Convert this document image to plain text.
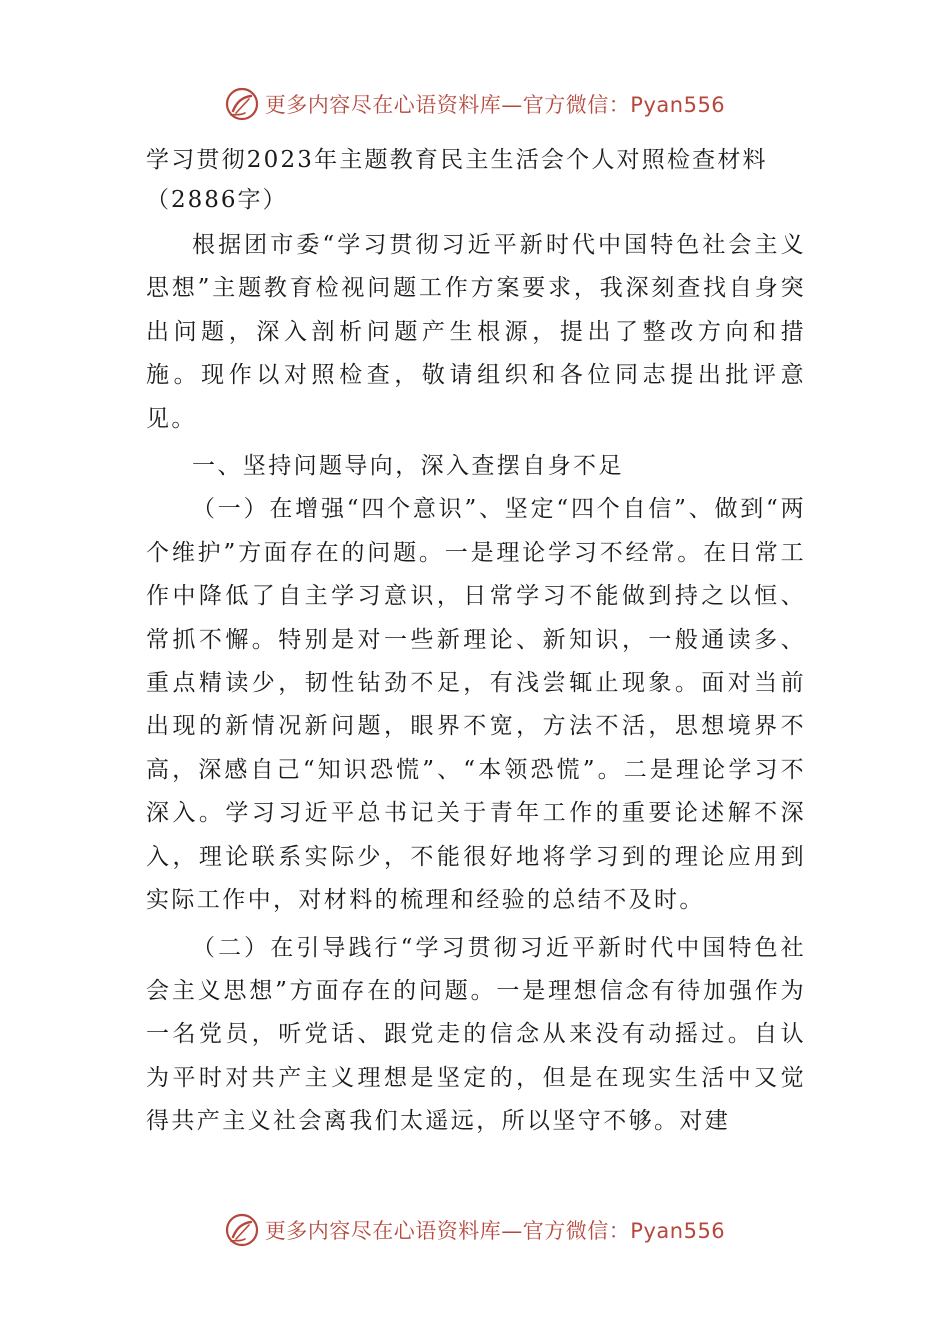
更多内容尽在心语资料库—官方微信：Pyan556

学习贯彻2023年主题教育民主生活会个人对照检查材料

（2886字）

根据团市委“学习贯彻习近平新时代中国特色社会主义思想”主题教育检视问题工作方案要求，我深刻查找自身突出问题，深入剖析问题产生根源，提出了整改方向和措施。现作以对照检查，敬请组织和各位同志提出批评意见。

一、坚持问题导向，深入查摆自身不足

（一）在增强“四个意识”、坚定“四个自信”、做到“两个维护”方面存在的问题。一是理论学习不经常。在日常工作中降低了自主学习意识，日常学习不能做到持之以恒、常抓不懈。特别是对一些新理论、新知识，一般通读多、重点精读少，韧性钻劲不足，有浅尝辄止现象。面对当前出现的新情况新问题，眼界不宽，方法不活，思想境界不高，深感自己“知识恐慌”、“本领恐慌”。二是理论学习不深入。学习习近平总书记关于青年工作的重要论述解不深入，理论联系实际少，不能很好地将学习到的理论应用到实际工作中，对材料的梳理和经验的总结不及时。

（二）在引导践行“学习贯彻习近平新时代中国特色社会主义思想”方面存在的问题。一是理想信念有待加强作为一名党员，听党话、跟党走的信念从来没有动摇过。自认为平时对共产主义理想是坚定的，但是在现实生活中又觉得共产主义社会离我们太遥远，所以坚守不够。对建

更多内容尽在心语资料库—官方微信：Pyan556
